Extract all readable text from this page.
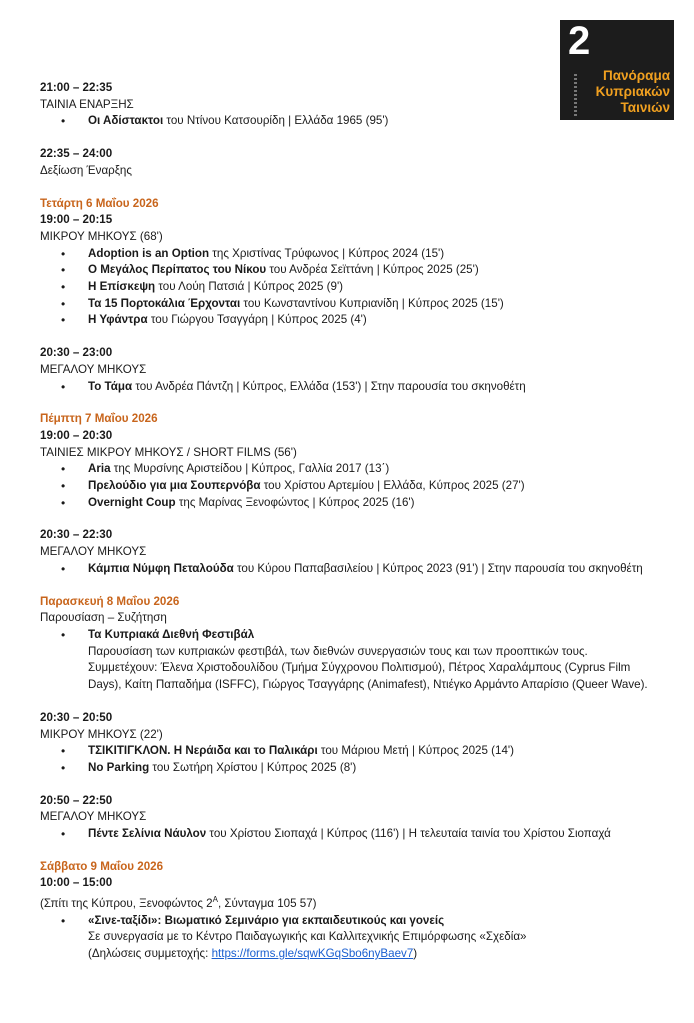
2
Πανόραμα
Κυπριακών
Ταινιών
21:00 – 22:35
ΤΑΙΝΙΑ ΕΝΑΡΞΗΣ
• Οι Αδίστακτοι του Ντίνου Κατσουρίδη | Ελλάδα 1965 (95')
22:35 – 24:00
Δεξίωση Έναρξης
Τετάρτη 6 Μαΐου 2026
19:00 – 20:15
ΜΙΚΡΟΥ ΜΗΚΟΥΣ (68')
• Adoption is an Option της Χριστίνας Τρύφωνος | Κύπρος 2024 (15')
• Ο Μεγάλος Περίπατος του Νίκου του Ανδρέα Σεϊττάνη | Κύπρος 2025 (25')
• Η Επίσκεψη του Λούη Πατσιά | Κύπρος 2025 (9')
• Τα 15 Πορτοκάλια Έρχονται του Κωνσταντίνου Κυπριανίδη | Κύπρος 2025 (15')
• Η Υφάντρα του Γιώργου Τσαγγάρη | Κύπρος 2025 (4')
20:30 – 23:00
ΜΕΓΑΛΟΥ ΜΗΚΟΥΣ
• Το Τάμα του Ανδρέα Πάντζη | Κύπρος, Ελλάδα (153') | Στην παρουσία του σκηνοθέτη
Πέμπτη 7 Μαΐου 2026
19:00 – 20:30
ΤΑΙΝΙΕΣ ΜΙΚΡΟΥ ΜΗΚΟΥΣ / SHORT FILMS (56')
• Aria της Μυρσίνης Αριστείδου | Κύπρος, Γαλλία 2017 (13΄)
• Πρελούδιο για μια Σουπερνόβα του Χρίστου Αρτεμίου | Ελλάδα, Κύπρος 2025 (27')
• Overnight Coup της Μαρίνας Ξενοφώντος | Κύπρος 2025 (16')
20:30 – 22:30
ΜΕΓΑΛΟΥ ΜΗΚΟΥΣ
• Κάμπια Νύμφη Πεταλούδα του Κύρου Παπαβασιλείου | Κύπρος 2023 (91') | Στην παρουσία του σκηνοθέτη
Παρασκευή 8 Μαΐου 2026
Παρουσίαση – Συζήτηση
• Τα Κυπριακά Διεθνή Φεστιβάλ
Παρουσίαση των κυπριακών φεστιβάλ, των διεθνών συνεργασιών τους και των προοπτικών τους.
Συμμετέχουν: Έλενα Χριστοδουλίδου (Τμήμα Σύγχρονου Πολιτισμού), Πέτρος Χαραλάμπους (Cyprus Film
Days), Καίτη Παπαδήμα (ISFFC), Γιώργος Τσαγγάρης (Animafest), Ντιέγκο Αρμάντο Απαρίσιο (Queer Wave).
20:30 – 20:50
ΜΙΚΡΟΥ ΜΗΚΟΥΣ (22')
• ΤΣΙΚΙΤΙΓΚΛΟΝ. Η Νεράιδα και το Παλικάρι του Μάριου Μετή | Κύπρος 2025 (14')
• No Parking του Σωτήρη Χρίστου | Κύπρος 2025 (8')
20:50 – 22:50
ΜΕΓΑΛΟΥ ΜΗΚΟΥΣ
• Πέντε Σελίνια Νάυλον του Χρίστου Σιοπαχά | Κύπρος (116') | Η τελευταία ταινία του Χρίστου Σιοπαχά
Σάββατο 9 Μαΐου 2026
10:00 – 15:00
(Σπίτι της Κύπρου, Ξενοφώντος $2^A$, Σύνταγμα 105 57)
• «Σινε-ταξίδι»: Βιωματικό Σεμινάριο για εκπαιδευτικούς και γονείς
Σε συνεργασία με το Κέντρο Παιδαγωγικής και Καλλιτεχνικής Επιμόρφωσης «Σχεδία»
(Δηλώσεις συμμετοχής: https://forms.gle/sqwKGqSbo6nyBaev7)
